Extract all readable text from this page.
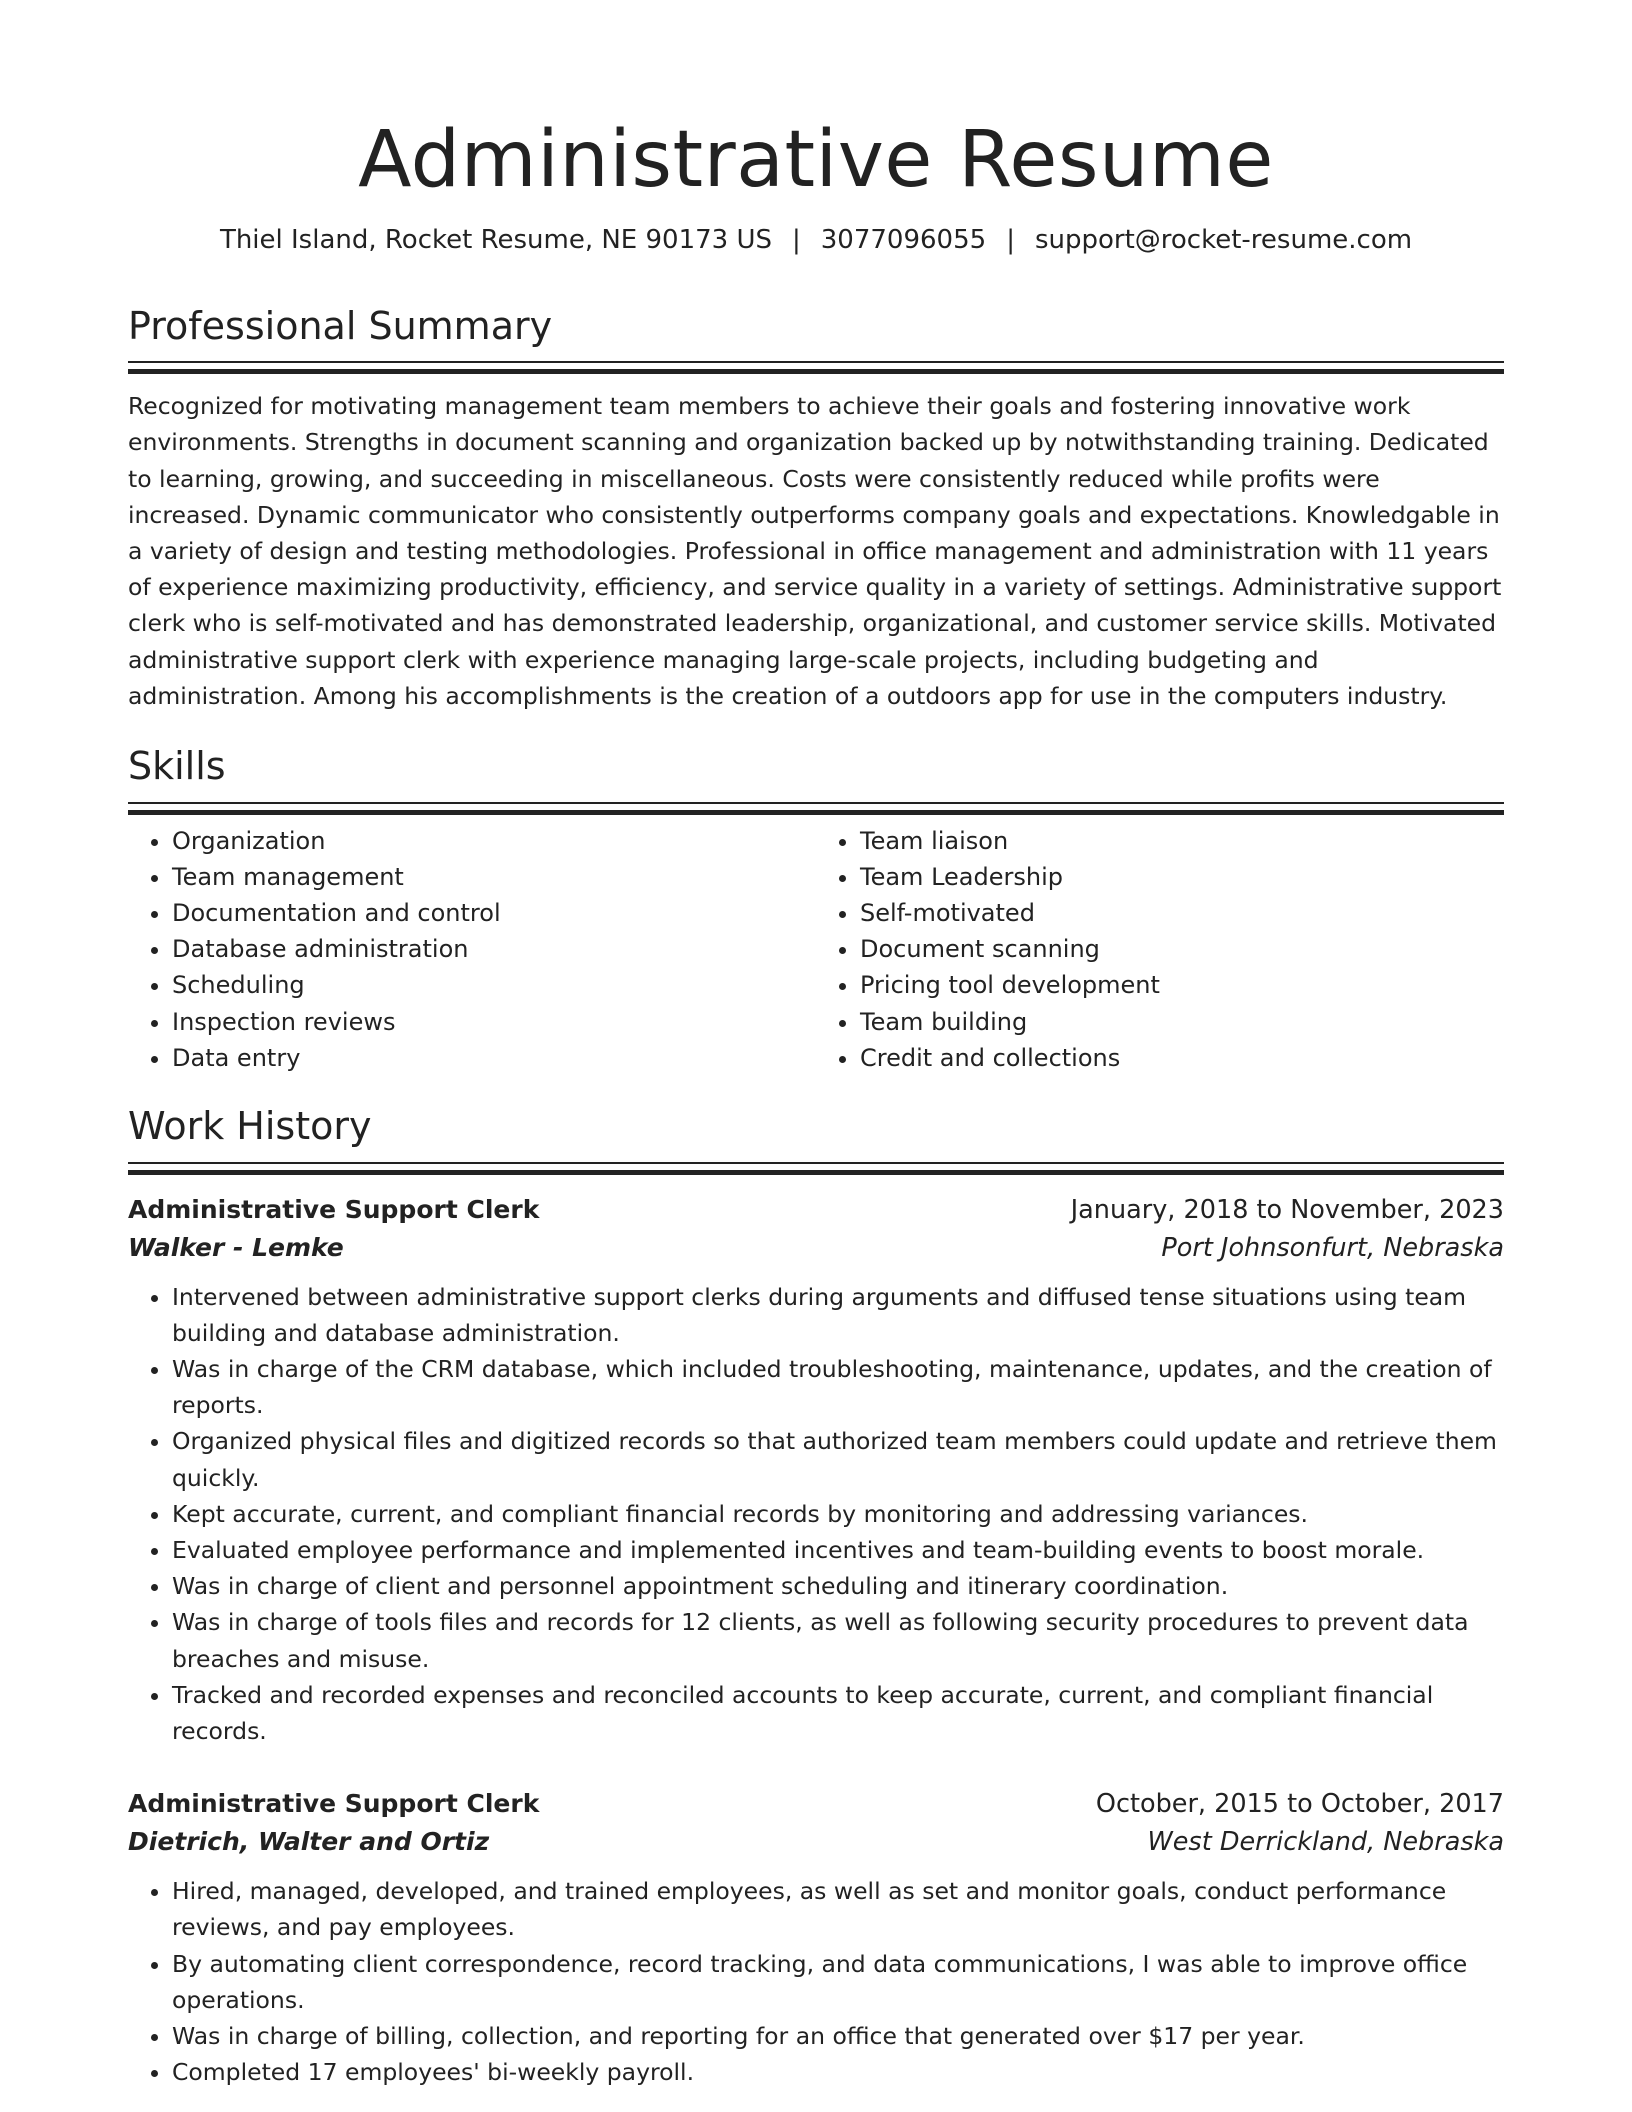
Administrative Resume
Thiel Island, Rocket Resume, NE 90173 US | 3077096055 | support@rocket-resume.com
Professional Summary
Recognized for motivating management team members to achieve their goals and fostering innovative work environments. Strengths in document scanning and organization backed up by notwithstanding training. Dedicated to learning, growing, and succeeding in miscellaneous. Costs were consistently reduced while profits were increased. Dynamic communicator who consistently outperforms company goals and expectations. Knowledgable in a variety of design and testing methodologies. Professional in office management and administration with 11 years of experience maximizing productivity, efficiency, and service quality in a variety of settings. Administrative support clerk who is self-motivated and has demonstrated leadership, organizational, and customer service skills. Motivated administrative support clerk with experience managing large-scale projects, including budgeting and administration. Among his accomplishments is the creation of a outdoors app for use in the computers industry.
Skills
• Organization
• Team management
• Documentation and control
• Database administration
• Scheduling
• Inspection reviews
• Data entry
• Team liaison
• Team Leadership
• Self-motivated
• Document scanning
• Pricing tool development
• Team building
• Credit and collections
Work History
Administrative Support Clerk	January, 2018 to November, 2023
Walker - Lemke	Port Johnsonfurt, Nebraska
• Intervened between administrative support clerks during arguments and diffused tense situations using team building and database administration.
• Was in charge of the CRM database, which included troubleshooting, maintenance, updates, and the creation of reports.
• Organized physical files and digitized records so that authorized team members could update and retrieve them quickly.
• Kept accurate, current, and compliant financial records by monitoring and addressing variances.
• Evaluated employee performance and implemented incentives and team-building events to boost morale.
• Was in charge of client and personnel appointment scheduling and itinerary coordination.
• Was in charge of tools files and records for 12 clients, as well as following security procedures to prevent data breaches and misuse.
• Tracked and recorded expenses and reconciled accounts to keep accurate, current, and compliant financial records.
Administrative Support Clerk	October, 2015 to October, 2017
Dietrich, Walter and Ortiz	West Derrickland, Nebraska
• Hired, managed, developed, and trained employees, as well as set and monitor goals, conduct performance reviews, and pay employees.
• By automating client correspondence, record tracking, and data communications, I was able to improve office operations.
• Was in charge of billing, collection, and reporting for an office that generated over $17 per year.
• Completed 17 employees' bi-weekly payroll.
